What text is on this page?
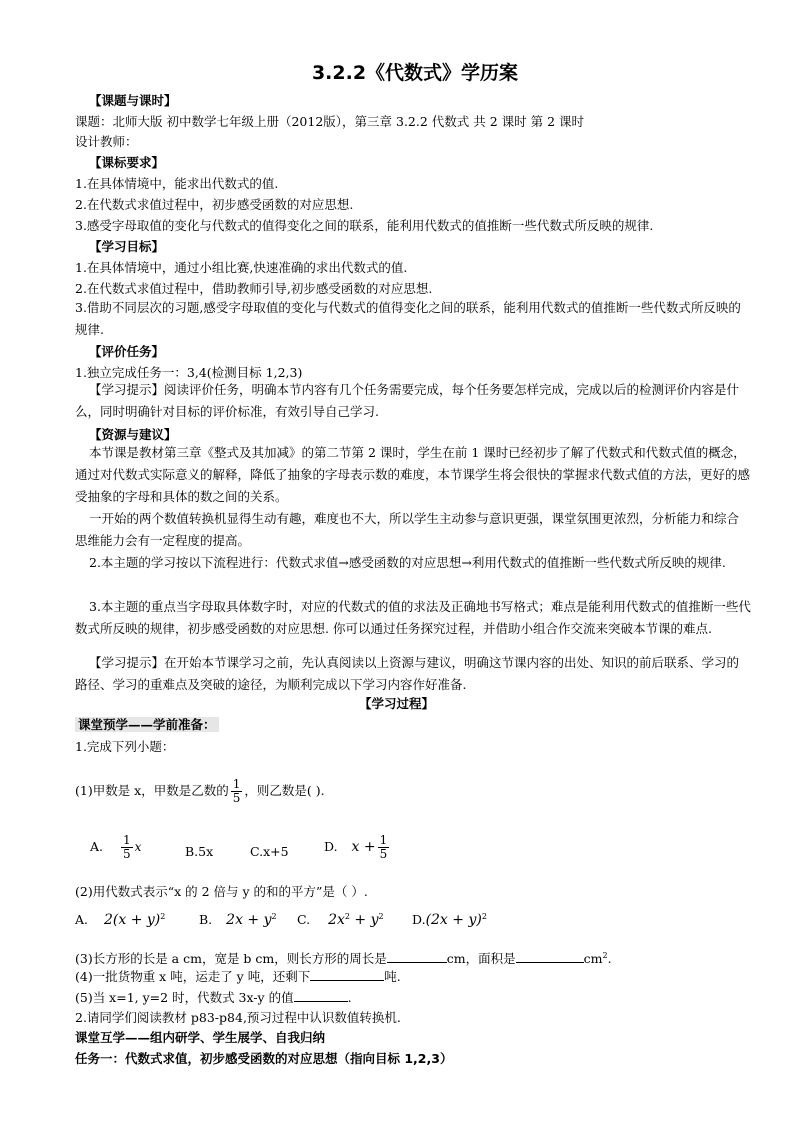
3.2.2《代数式》学历案
【课题与课时】
课题：北师大版 初中数学七年级上册（2012版），第三章 3.2.2 代数式 共 2 课时 第 2 课时
设计教师：
【课标要求】
1.在具体情境中，能求出代数式的值.
2.在代数式求值过程中，初步感受函数的对应思想.
3.感受字母取值的变化与代数式的值得变化之间的联系，能利用代数式的值推断一些代数式所反映的规律.
【学习目标】
1.在具体情境中，通过小组比赛,快速准确的求出代数式的值.
2.在代数式求值过程中，借助教师引导,初步感受函数的对应思想.
3.借助不同层次的习题,感受字母取值的变化与代数式的值得变化之间的联系，能利用代数式的值推断一些代数式所反映的规律.
【评价任务】
1.独立完成任务一：3,4(检测目标 1,2,3)
【学习提示】阅读评价任务，明确本节内容有几个任务需要完成，每个任务要怎样完成，完成以后的检测评价内容是什么，同时明确针对目标的评价标准，有效引导自己学习.
【资源与建议】
本节课是教材第三章《整式及其加减》的第二节第 2 课时，学生在前 1 课时已经初步了解了代数式和代数式值的概念，通过对代数式实际意义的解释，降低了抽象的字母表示数的难度，本节课学生将会很快的掌握求代数式值的方法，更好的感受抽象的字母和具体的数之间的关系。
一开始的两个数值转换机显得生动有趣，难度也不大，所以学生主动参与意识更强，课堂氛围更浓烈，分析能力和综合思维能力会有一定程度的提高。
2.本主题的学习按以下流程进行：代数式求值→感受函数的对应思想→利用代数式的值推断一些代数式所反映的规律.
3.本主题的重点当字母取具体数字时，对应的代数式的值的求法及正确地书写格式；难点是能利用代数式的值推断一些代数式所反映的规律，初步感受函数的对应思想. 你可以通过任务探究过程，并借助小组合作交流来突破本节课的难点.
【学习提示】在开始本节课学习之前，先认真阅读以上资源与建议，明确这节课内容的出处、知识的前后联系、学习的路径、学习的重难点及突破的途径，为顺利完成以下学习内容作好准备.
【学习过程】
课堂预学——学前准备：
1.完成下列小题：
(1)甲数是 x，甲数是乙数的 $\frac{1}{5}$ ，则乙数是( ).
A. $\frac{1}{5}$ x	B.5x	C.x+5	D. $x + \frac{1}{5}$
(2)用代数式表示“x 的 2 倍与 y 的和的平方”是（ ）.
A. $2(x + y)^2$	B. $2x + y^2$ C. $2x^2 + y^2$ $D.(2x + y)^2$
(3)长方形的长是 a cm，宽是 b cm，则长方形的周长是	cm，面积是	$cm^2$.
(4)一批货物重 x 吨，运走了 y 吨，还剩下	吨.
(5)当 x=1, y=2 时，代数式 3x-y 的值	.
2.请同学们阅读教材 p83-p84,预习过程中认识数值转换机.
课堂互学——组内研学、学生展学、自我归纳
任务一：代数式求值，初步感受函数的对应思想（指向目标 1,2,3）
